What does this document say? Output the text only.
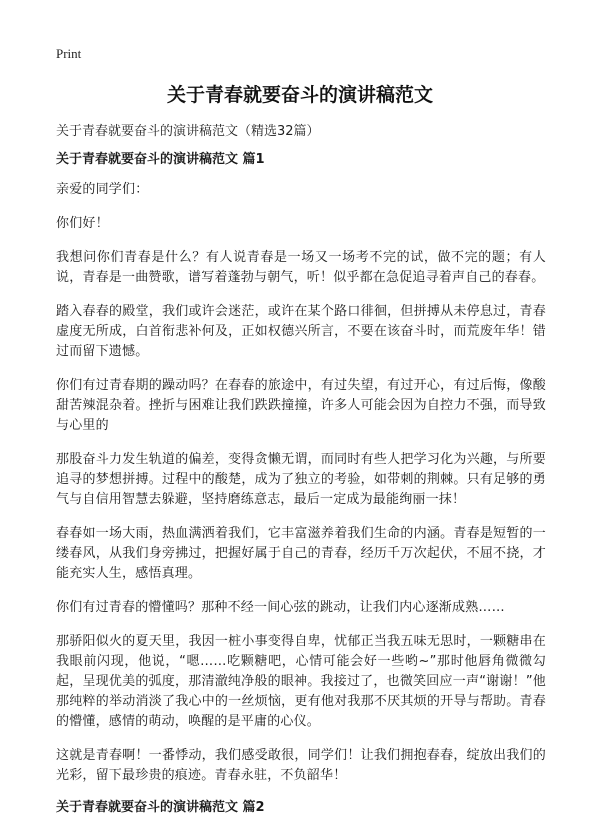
Print
关于青春就要奋斗的演讲稿范文
关于青春就要奋斗的演讲稿范文（精选32篇）
关于青春就要奋斗的演讲稿范文 篇1

亲爱的同学们：

你们好！

我想问你们青春是什么？有人说青春是一场又一场考不完的试，做不完的题；有人说，青春是一曲赞歌，谱写着蓬勃与朝气，听！似乎都在急促追寻着声自己的春春。

踏入春春的殿堂，我们或许会迷茫，或许在某个路口徘徊，但拼搏从未停息过，青春虚度无所成，白首衔悲补何及，正如权德兴所言，不要在该奋斗时，而荒废年华！错过而留下遗憾。

你们有过青春期的躁动吗？在春春的旅途中，有过失望，有过开心，有过后悔，像酸甜苦辣混杂着。挫折与困难让我们跌跌撞撞，许多人可能会因为自控力不强，而导致与心里的

那股奋斗力发生轨道的偏差，变得贪懒无谓，而同时有些人把学习化为兴趣，与所要追寻的梦想拼搏。过程中的酸楚，成为了独立的考验，如带刺的荆棘。只有足够的勇气与自信用智慧去躲避，坚持磨练意志，最后一定成为最能绚丽一抹！

春春如一场大雨，热血满洒着我们，它丰富滋养着我们生命的内涵。青春是短暂的一缕春风，从我们身旁拂过，把握好属于自己的青春，经历千万次起伏，不屈不挠，才能充实人生，感悟真理。

你们有过青春的懵懂吗？那种不经一间心弦的跳动，让我们内心逐渐成熟……

那骄阳似火的夏天里，我因一桩小事变得自卑，忧郁正当我五味无思时，一颗糖串在我眼前闪现，他说，“嗯……吃颗糖吧，心情可能会好一些哟~”那时他唇角微微勾起，呈现优美的弧度，那清澈纯净般的眼神。我接过了，也微笑回应一声“谢谢！”他那纯粹的举动消淡了我心中的一丝烦恼，更有他对我那不厌其烦的开导与帮助。青春的懵懂，感情的萌动，唤醒的是平庸的心仪。

这就是青春啊！一番悸动，我们感受敢很，同学们！让我们拥抱春春，绽放出我们的光彩，留下最珍贵的痕迹。青春永驻，不负韶华！

关于青春就要奋斗的演讲稿范文 篇2
